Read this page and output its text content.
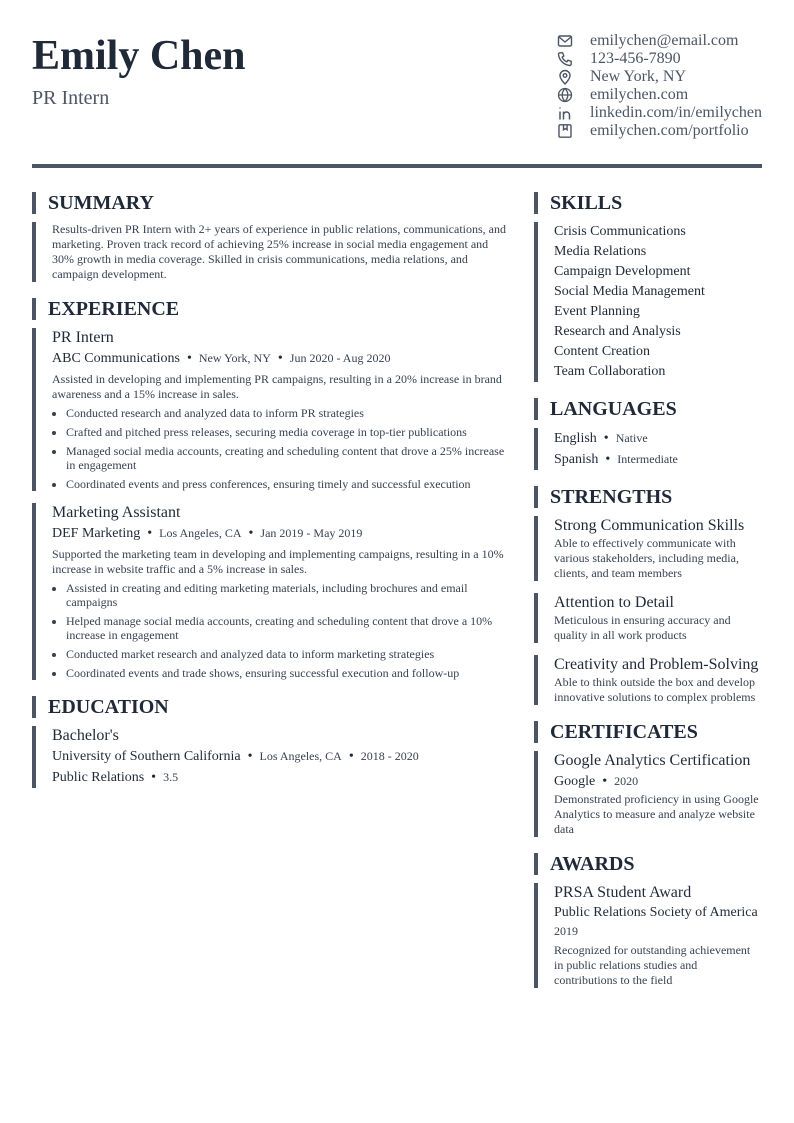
Emily Chen
PR Intern
emilychen@email.com
123-456-7890
New York, NY
emilychen.com
linkedin.com/in/emilychen
emilychen.com/portfolio
SUMMARY
Results-driven PR Intern with 2+ years of experience in public relations, communications, and marketing. Proven track record of achieving 25% increase in social media engagement and 30% growth in media coverage. Skilled in crisis communications, media relations, and campaign development.
EXPERIENCE
PR Intern
ABC Communications • New York, NY • Jun 2020 - Aug 2020
Assisted in developing and implementing PR campaigns, resulting in a 20% increase in brand awareness and a 15% increase in sales.
• Conducted research and analyzed data to inform PR strategies
• Crafted and pitched press releases, securing media coverage in top-tier publications
• Managed social media accounts, creating and scheduling content that drove a 25% increase in engagement
• Coordinated events and press conferences, ensuring timely and successful execution
Marketing Assistant
DEF Marketing • Los Angeles, CA • Jan 2019 - May 2019
Supported the marketing team in developing and implementing campaigns, resulting in a 10% increase in website traffic and a 5% increase in sales.
• Assisted in creating and editing marketing materials, including brochures and email campaigns
• Helped manage social media accounts, creating and scheduling content that drove a 10% increase in engagement
• Conducted market research and analyzed data to inform marketing strategies
• Coordinated events and trade shows, ensuring successful execution and follow-up
EDUCATION
Bachelor's
University of Southern California • Los Angeles, CA • 2018 - 2020
Public Relations • 3.5
SKILLS
Crisis Communications
Media Relations
Campaign Development
Social Media Management
Event Planning
Research and Analysis
Content Creation
Team Collaboration
LANGUAGES
English • Native
Spanish • Intermediate
STRENGTHS
Strong Communication Skills
Able to effectively communicate with various stakeholders, including media, clients, and team members
Attention to Detail
Meticulous in ensuring accuracy and quality in all work products
Creativity and Problem-Solving
Able to think outside the box and develop innovative solutions to complex problems
CERTIFICATES
Google Analytics Certification
Google • 2020
Demonstrated proficiency in using Google Analytics to measure and analyze website data
AWARDS
PRSA Student Award
Public Relations Society of America
2019
Recognized for outstanding achievement in public relations studies and contributions to the field
